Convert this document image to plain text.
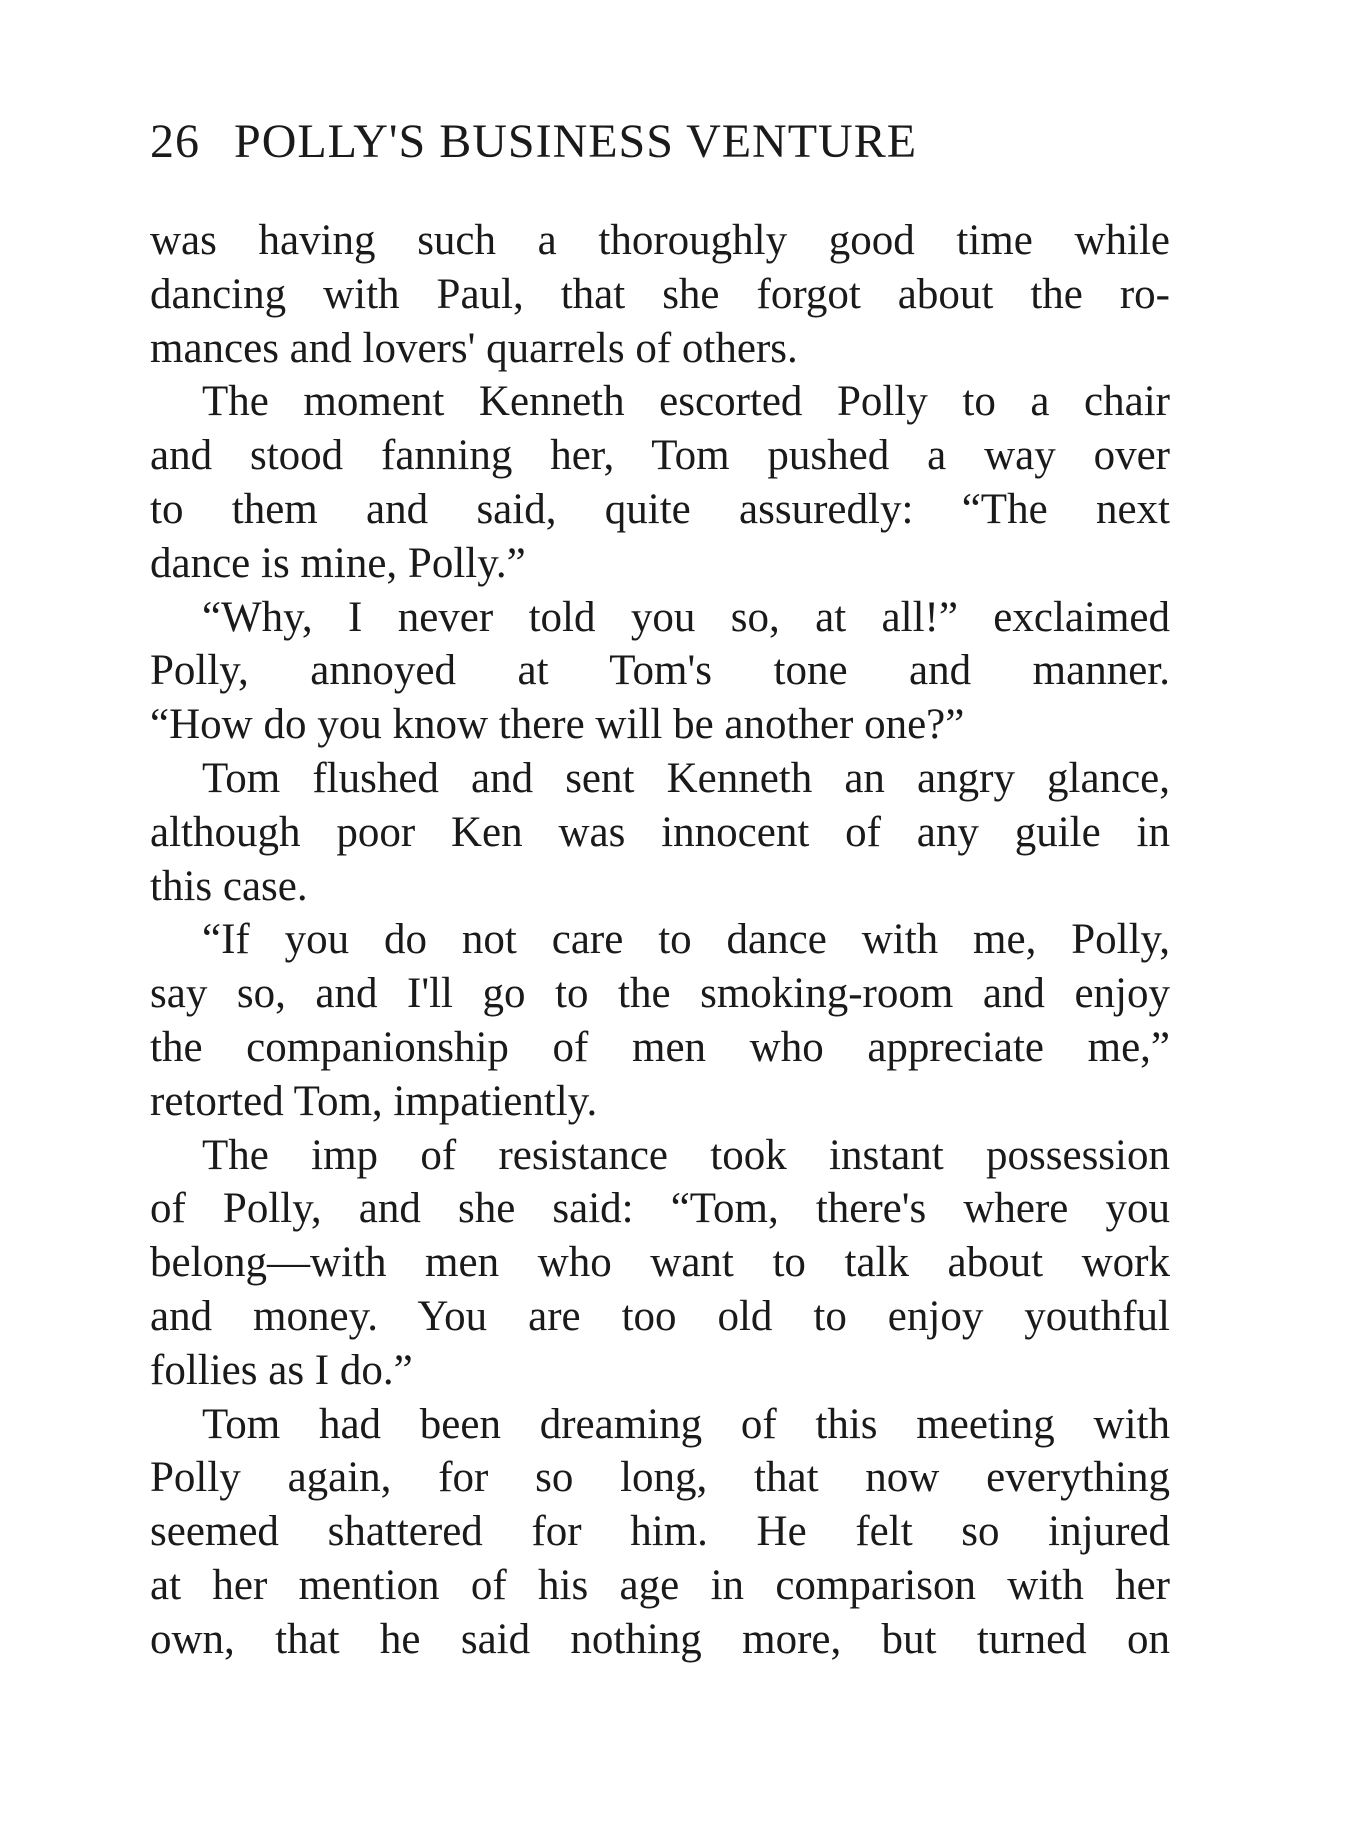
26 POLLY'S BUSINESS VENTURE
was having such a thoroughly good time while
dancing with Paul, that she forgot about the ro-
mances and lovers' quarrels of others.
The moment Kenneth escorted Polly to a chair
and stood fanning her, Tom pushed a way over
to them and said, quite assuredly: “The next
dance is mine, Polly.”
“Why, I never told you so, at all!” exclaimed
Polly, annoyed at Tom's tone and manner.
“How do you know there will be another one?”
Tom flushed and sent Kenneth an angry glance,
although poor Ken was innocent of any guile in
this case.
“If you do not care to dance with me, Polly,
say so, and I'll go to the smoking-room and enjoy
the companionship of men who appreciate me,”
retorted Tom, impatiently.
The imp of resistance took instant possession
of Polly, and she said: “Tom, there's where you
belong—with men who want to talk about work
and money. You are too old to enjoy youthful
follies as I do.”
Tom had been dreaming of this meeting with
Polly again, for so long, that now everything
seemed shattered for him. He felt so injured
at her mention of his age in comparison with her
own, that he said nothing more, but turned on
